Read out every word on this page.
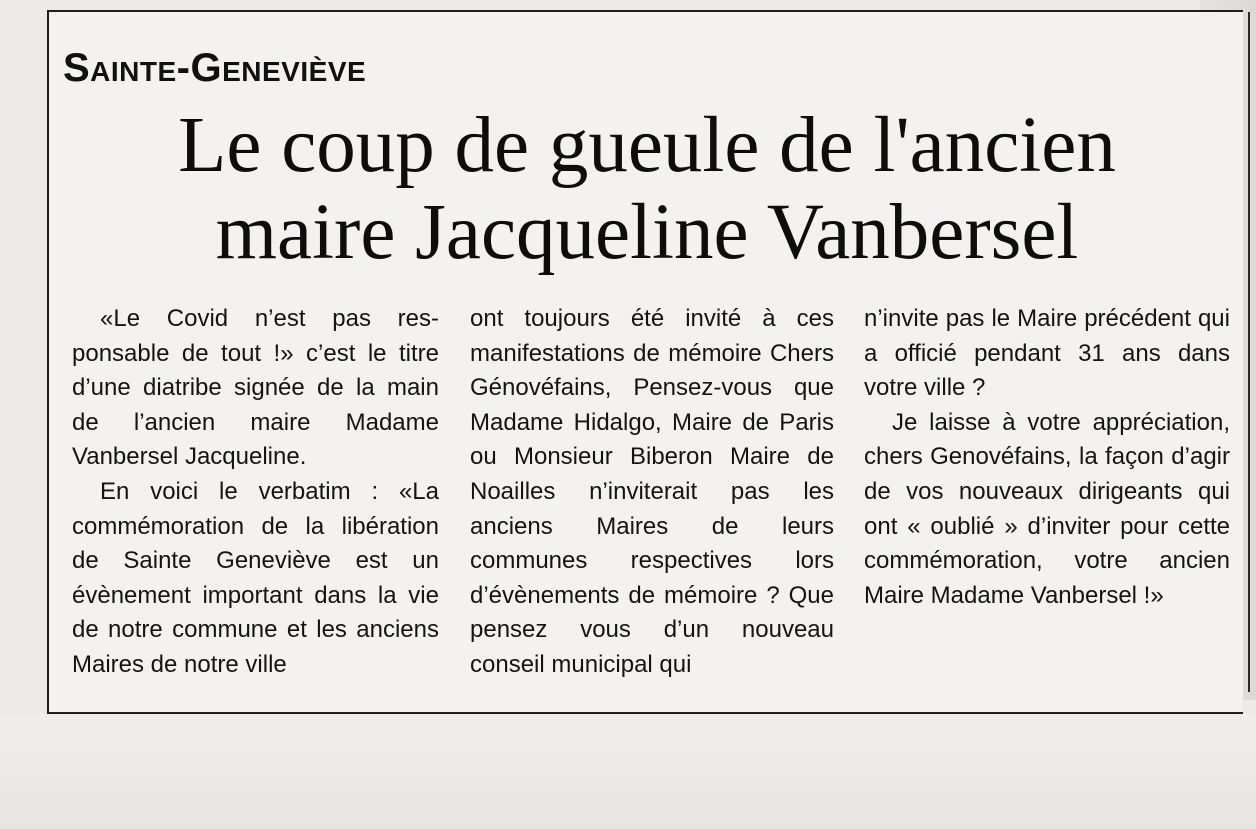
Sainte-Geneviève
Le coup de gueule de l'ancien
maire Jacqueline Vanbersel

«Le Covid n’est pas responsable de tout !» c’est le titre d’une diatribe signée de la main de l’ancien maire Madame Vanbersel Jacqueline.

En voici le verbatim : «La commémoration de la libération de Sainte Geneviève est un évènement important dans la vie de notre commune et les anciens Maires de notre ville

ont toujours été invité à ces manifestations de mémoire Chers Génovéfains, Pensez-vous que Madame Hidalgo, Maire de Paris ou Monsieur Biberon Maire de Noailles n’inviterait pas les anciens Maires de leurs communes respectives lors d’évènements de mémoire ? Que pensez vous d’un nouveau conseil municipal qui

n’invite pas le Maire précédent qui a officié pendant 31 ans dans votre ville ?

Je laisse à votre appréciation, chers Genovéfains, la façon d’agir de vos nouveaux dirigeants qui ont « oublié » d’inviter pour cette commémoration, votre ancien Maire Madame Vanbersel !»
